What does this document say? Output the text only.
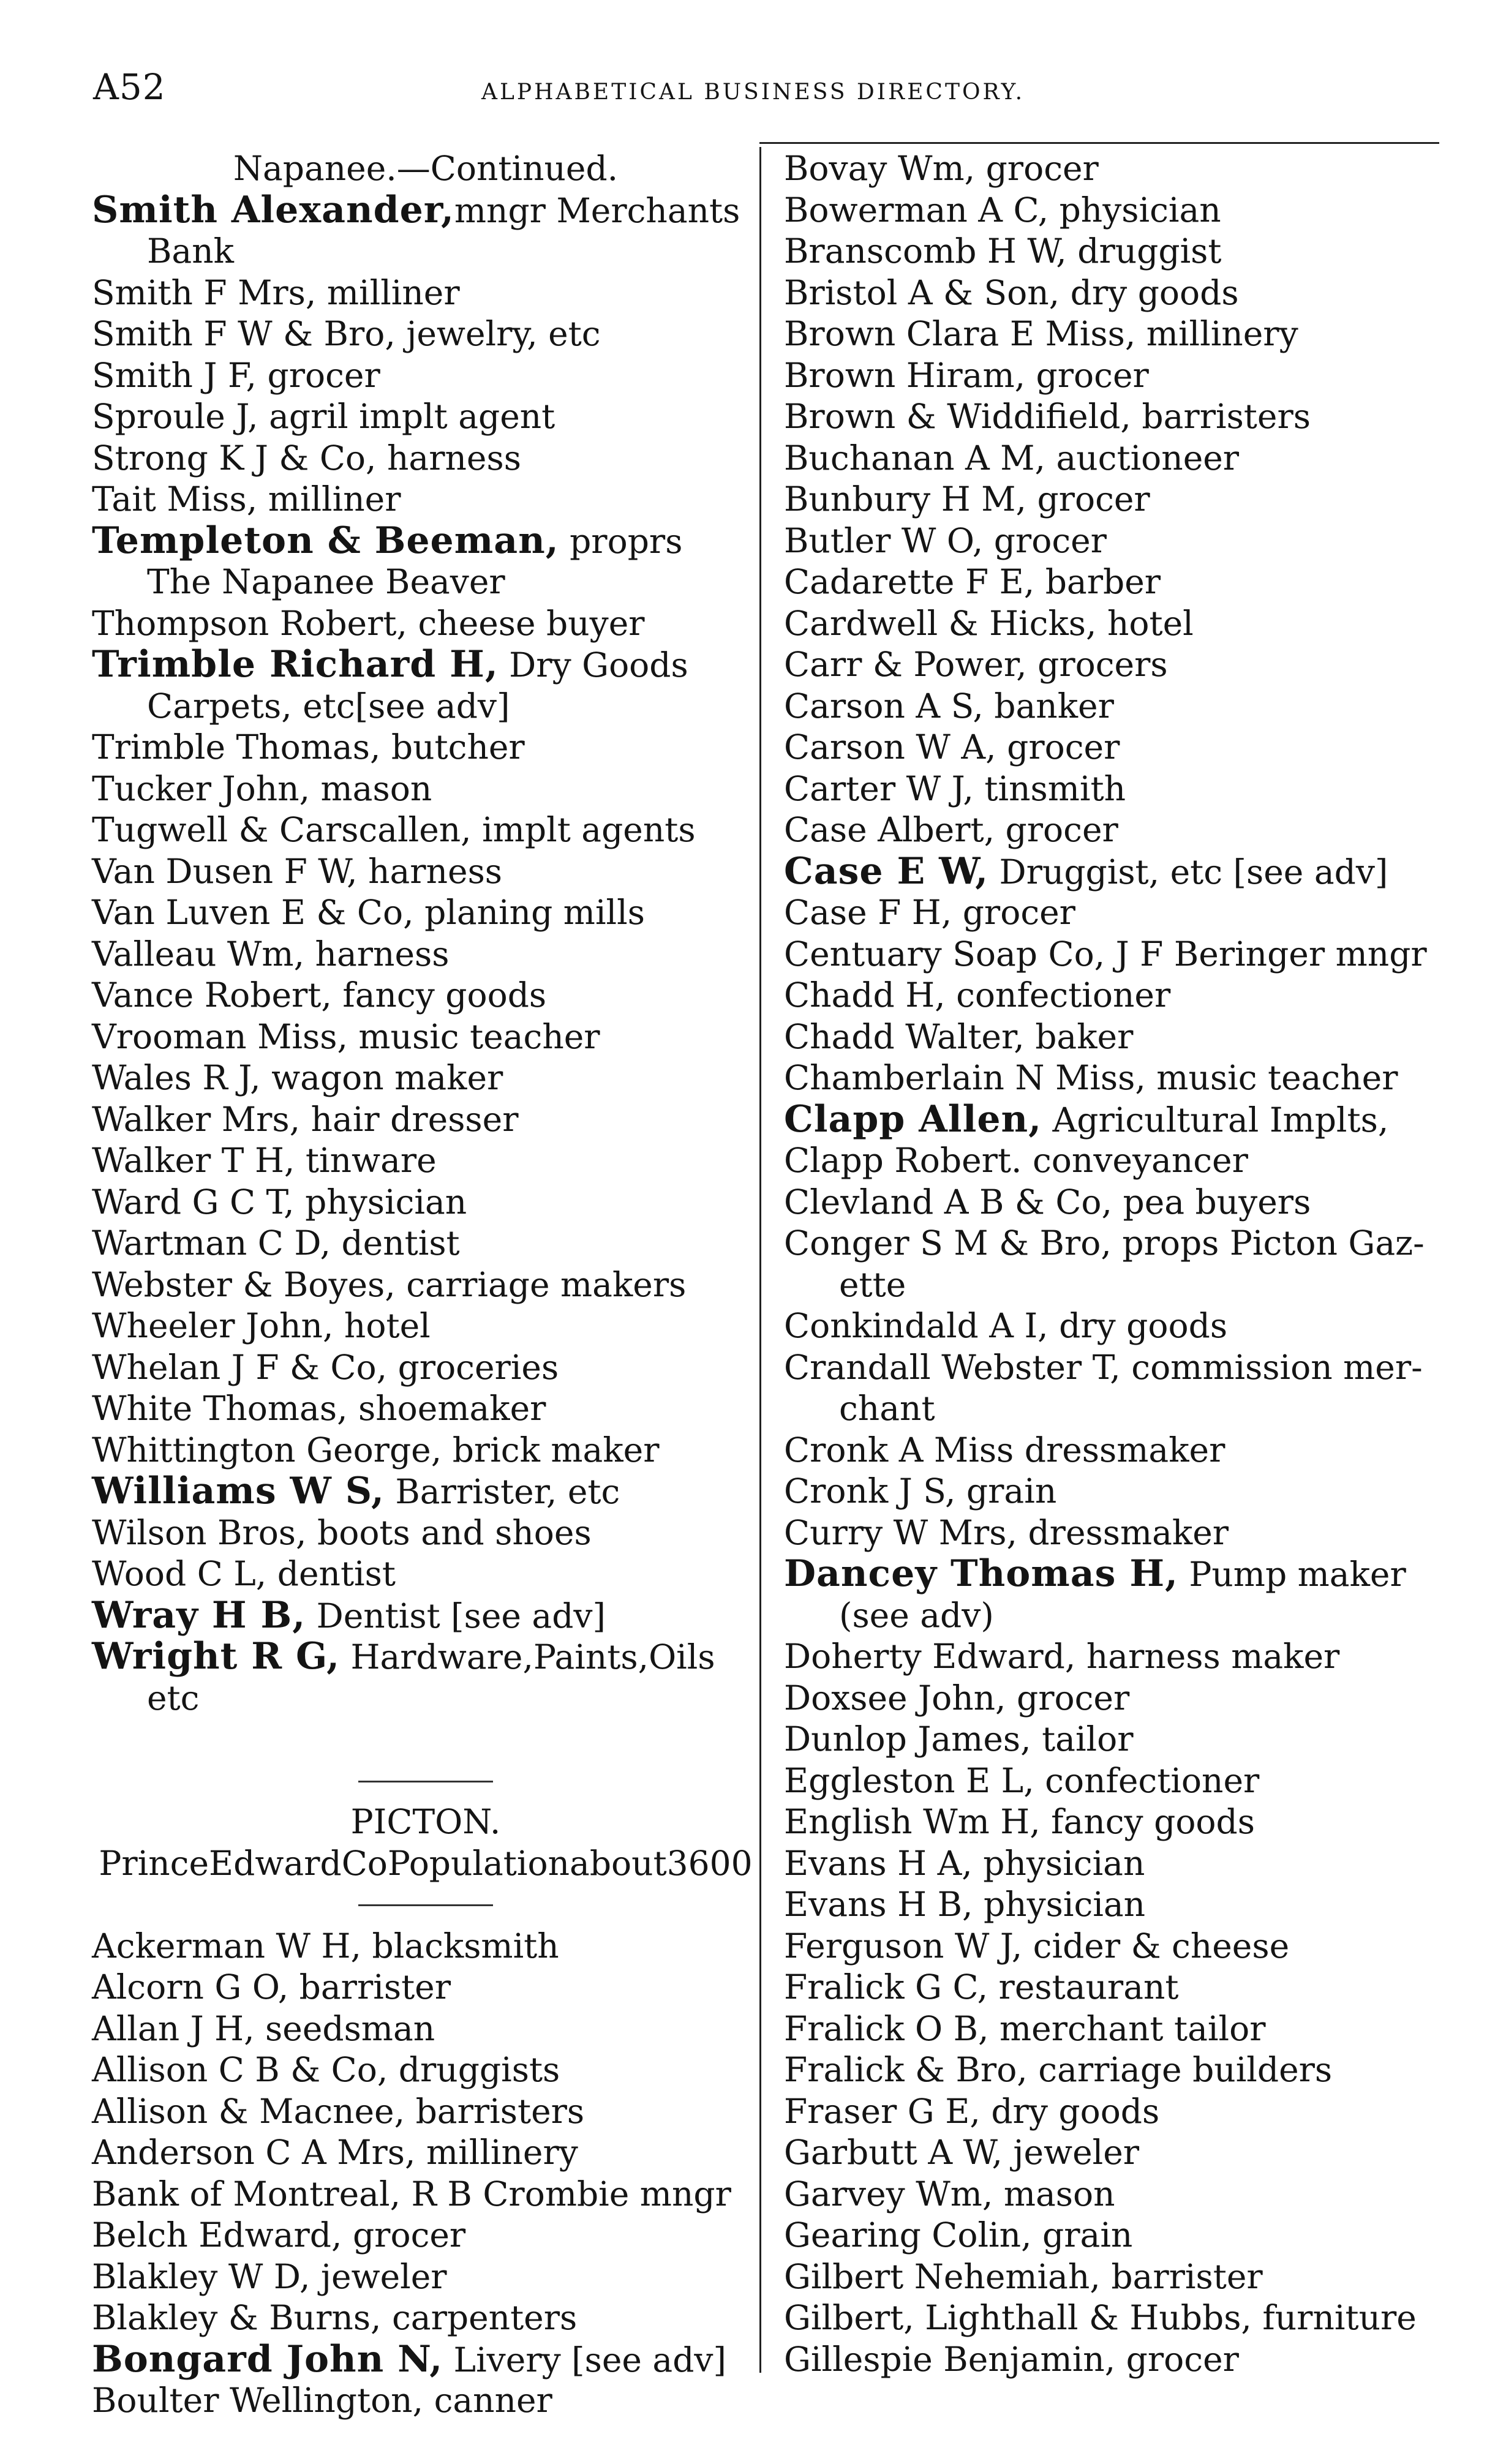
A52	ALPHABETICAL BUSINESS DIRECTORY.
Napanee.—Continued.
Smith Alexander,mngr Merchants
Bank
Smith F Mrs, milliner
Smith F W & Bro, jewelry, etc
Smith J F, grocer
Sproule J, agril implt agent
Strong K J & Co, harness
Tait Miss, milliner
Templeton & Beeman, proprs
The Napanee Beaver
Thompson Robert, cheese buyer
Trimble Richard H, Dry Goods
Carpets, etc[see adv]
Trimble Thomas, butcher
Tucker John, mason
Tugwell & Carscallen, implt agents
Van Dusen F W, harness
Van Luven E & Co, planing mills
Valleau Wm, harness
Vance Robert, fancy goods
Vrooman Miss, music teacher
Wales R J, wagon maker
Walker Mrs, hair dresser
Walker T H, tinware
Ward G C T, physician
Wartman C D, dentist
Webster & Boyes, carriage makers
Wheeler John, hotel
Whelan J F & Co, groceries
White Thomas, shoemaker
Whittington George, brick maker
Williams W S, Barrister, etc
Wilson Bros, boots and shoes
Wood C L, dentist
Wray H B, Dentist [see adv]
Wright R G, Hardware,Paints,Oils
etc
PICTON.
PrinceEdwardCoPopulationabout3600
Ackerman W H, blacksmith
Alcorn G O, barrister
Allan J H, seedsman
Allison C B & Co, druggists
Allison & Macnee, barristers
Anderson C A Mrs, millinery
Bank of Montreal, R B Crombie mngr
Belch Edward, grocer
Blakley W D, jeweler
Blakley & Burns, carpenters
Bongard John N, Livery [see adv]
Boulter Wellington, canner
Bovay Wm, grocer
Bowerman A C, physician
Branscomb H W, druggist
Bristol A & Son, dry goods
Brown Clara E Miss, millinery
Brown Hiram, grocer
Brown & Widdifield, barristers
Buchanan A M, auctioneer
Bunbury H M, grocer
Butler W O, grocer
Cadarette F E, barber
Cardwell & Hicks, hotel
Carr & Power, grocers
Carson A S, banker
Carson W A, grocer
Carter W J, tinsmith
Case Albert, grocer
Case E W, Druggist, etc [see adv]
Case F H, grocer
Centuary Soap Co, J F Beringer mngr
Chadd H, confectioner
Chadd Walter, baker
Chamberlain N Miss, music teacher
Clapp Allen, Agricultural Implts,
Clapp Robert. conveyancer
Clevland A B & Co, pea buyers
Conger S M & Bro, props Picton Gaz-
ette
Conkindald A I, dry goods
Crandall Webster T, commission mer-
chant
Cronk A Miss dressmaker
Cronk J S, grain
Curry W Mrs, dressmaker
Dancey Thomas H, Pump maker
(see adv)
Doherty Edward, harness maker
Doxsee John, grocer
Dunlop James, tailor
Eggleston E L, confectioner
English Wm H, fancy goods
Evans H A, physician
Evans H B, physician
Ferguson W J, cider & cheese
Fralick G C, restaurant
Fralick O B, merchant tailor
Fralick & Bro, carriage builders
Fraser G E, dry goods
Garbutt A W, jeweler
Garvey Wm, mason
Gearing Colin, grain
Gilbert Nehemiah, barrister
Gilbert, Lighthall & Hubbs, furniture
Gillespie Benjamin, grocer
